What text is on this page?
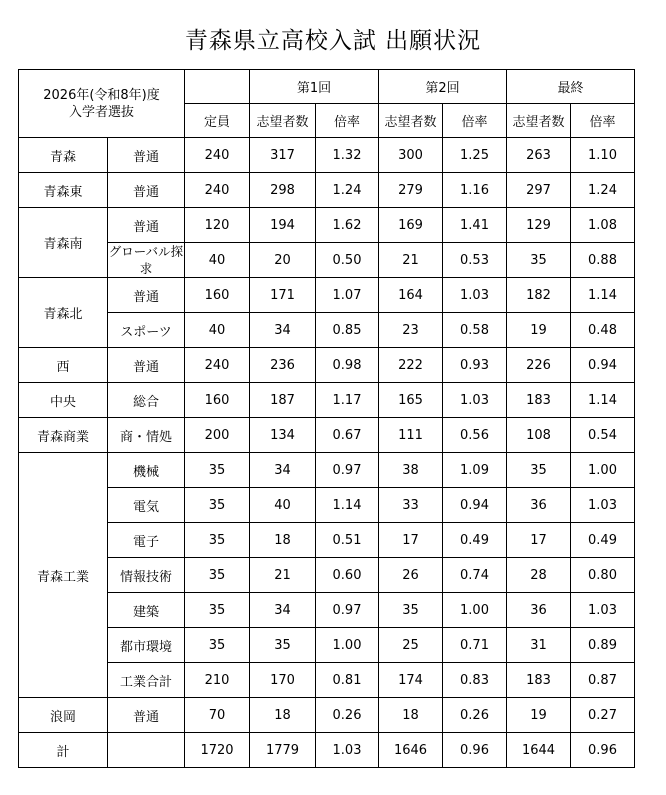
青森県立高校入試 出願状況
2026年(令和8年)度
入学者選抜			第1回		第2回		最終	
		定員	志望者数	倍率	志望者数	倍率	志望者数	倍率
青森	普通	240	317	1.32	300	1.25	263	1.10
青森東	普通	240	298	1.24	279	1.16	297	1.24
青森南	普通	120	194	1.62	169	1.41	129	1.08
	グローバル探求	40	20	0.50	21	0.53	35	0.88
青森北	普通	160	171	1.07	164	1.03	182	1.14
	スポーツ	40	34	0.85	23	0.58	19	0.48
西	普通	240	236	0.98	222	0.93	226	0.94
中央	総合	160	187	1.17	165	1.03	183	1.14
青森商業	商・情処	200	134	0.67	111	0.56	108	0.54
青森工業	機械	35	34	0.97	38	1.09	35	1.00
	電気	35	40	1.14	33	0.94	36	1.03
	電子	35	18	0.51	17	0.49	17	0.49
	情報技術	35	21	0.60	26	0.74	28	0.80
	建築	35	34	0.97	35	1.00	36	1.03
	都市環境	35	35	1.00	25	0.71	31	0.89
	工業合計	210	170	0.81	174	0.83	183	0.87
浪岡	普通	70	18	0.26	18	0.26	19	0.27
計		1720	1779	1.03	1646	0.96	1644	0.96
